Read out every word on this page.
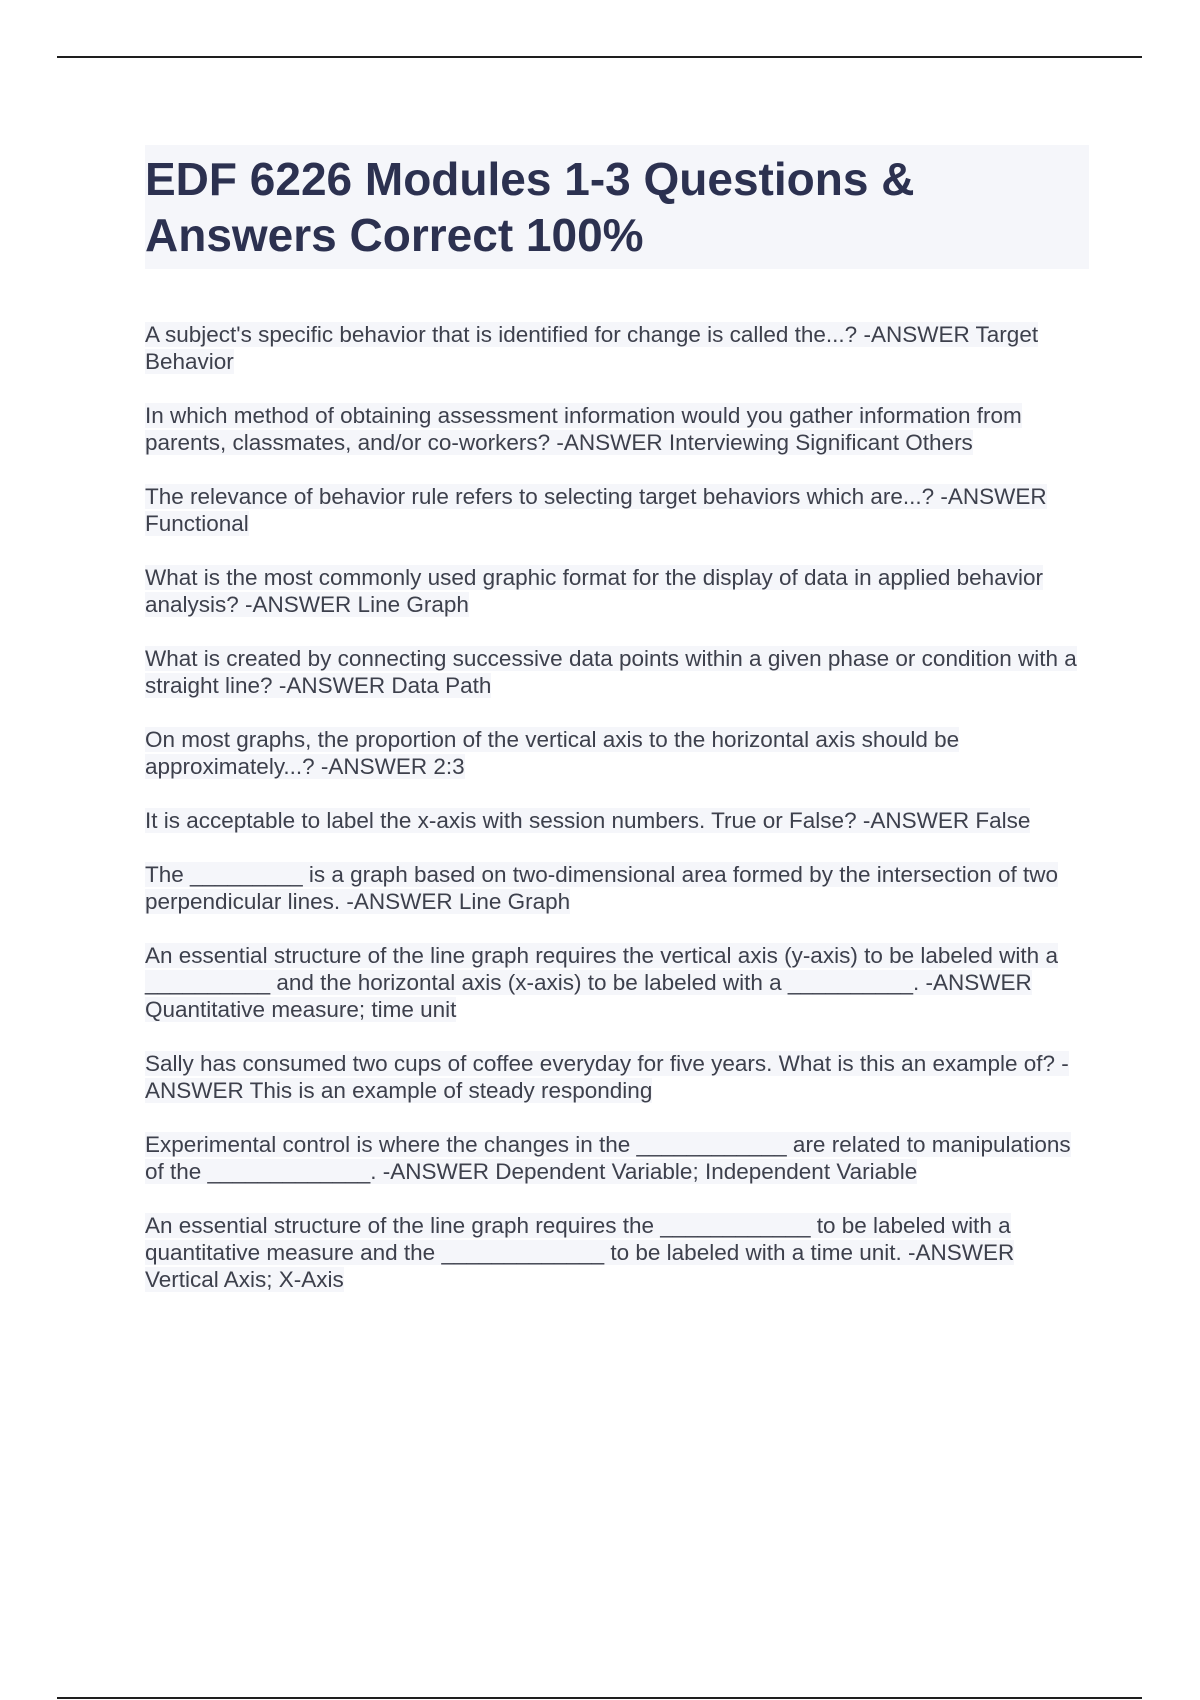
EDF 6226 Modules 1-3 Questions & Answers Correct 100%
A subject's specific behavior that is identified for change is called the...? -ANSWER Target Behavior
In which method of obtaining assessment information would you gather information from parents, classmates, and/or co-workers? -ANSWER Interviewing Significant Others
The relevance of behavior rule refers to selecting target behaviors which are...? -ANSWER Functional
What is the most commonly used graphic format for the display of data in applied behavior analysis? -ANSWER Line Graph
What is created by connecting successive data points within a given phase or condition with a straight line? -ANSWER Data Path
On most graphs, the proportion of the vertical axis to the horizontal axis should be approximately...? -ANSWER 2:3
It is acceptable to label the x-axis with session numbers. True or False? -ANSWER False
The _________ is a graph based on two-dimensional area formed by the intersection of two perpendicular lines. -ANSWER Line Graph
An essential structure of the line graph requires the vertical axis (y-axis) to be labeled with a __________ and the horizontal axis (x-axis) to be labeled with a __________. -ANSWER Quantitative measure; time unit
Sally has consumed two cups of coffee everyday for five years. What is this an example of? -ANSWER This is an example of steady responding
Experimental control is where the changes in the ____________ are related to manipulations of the _____________. -ANSWER Dependent Variable; Independent Variable
An essential structure of the line graph requires the ____________ to be labeled with a quantitative measure and the _____________ to be labeled with a time unit. -ANSWER Vertical Axis; X-Axis
